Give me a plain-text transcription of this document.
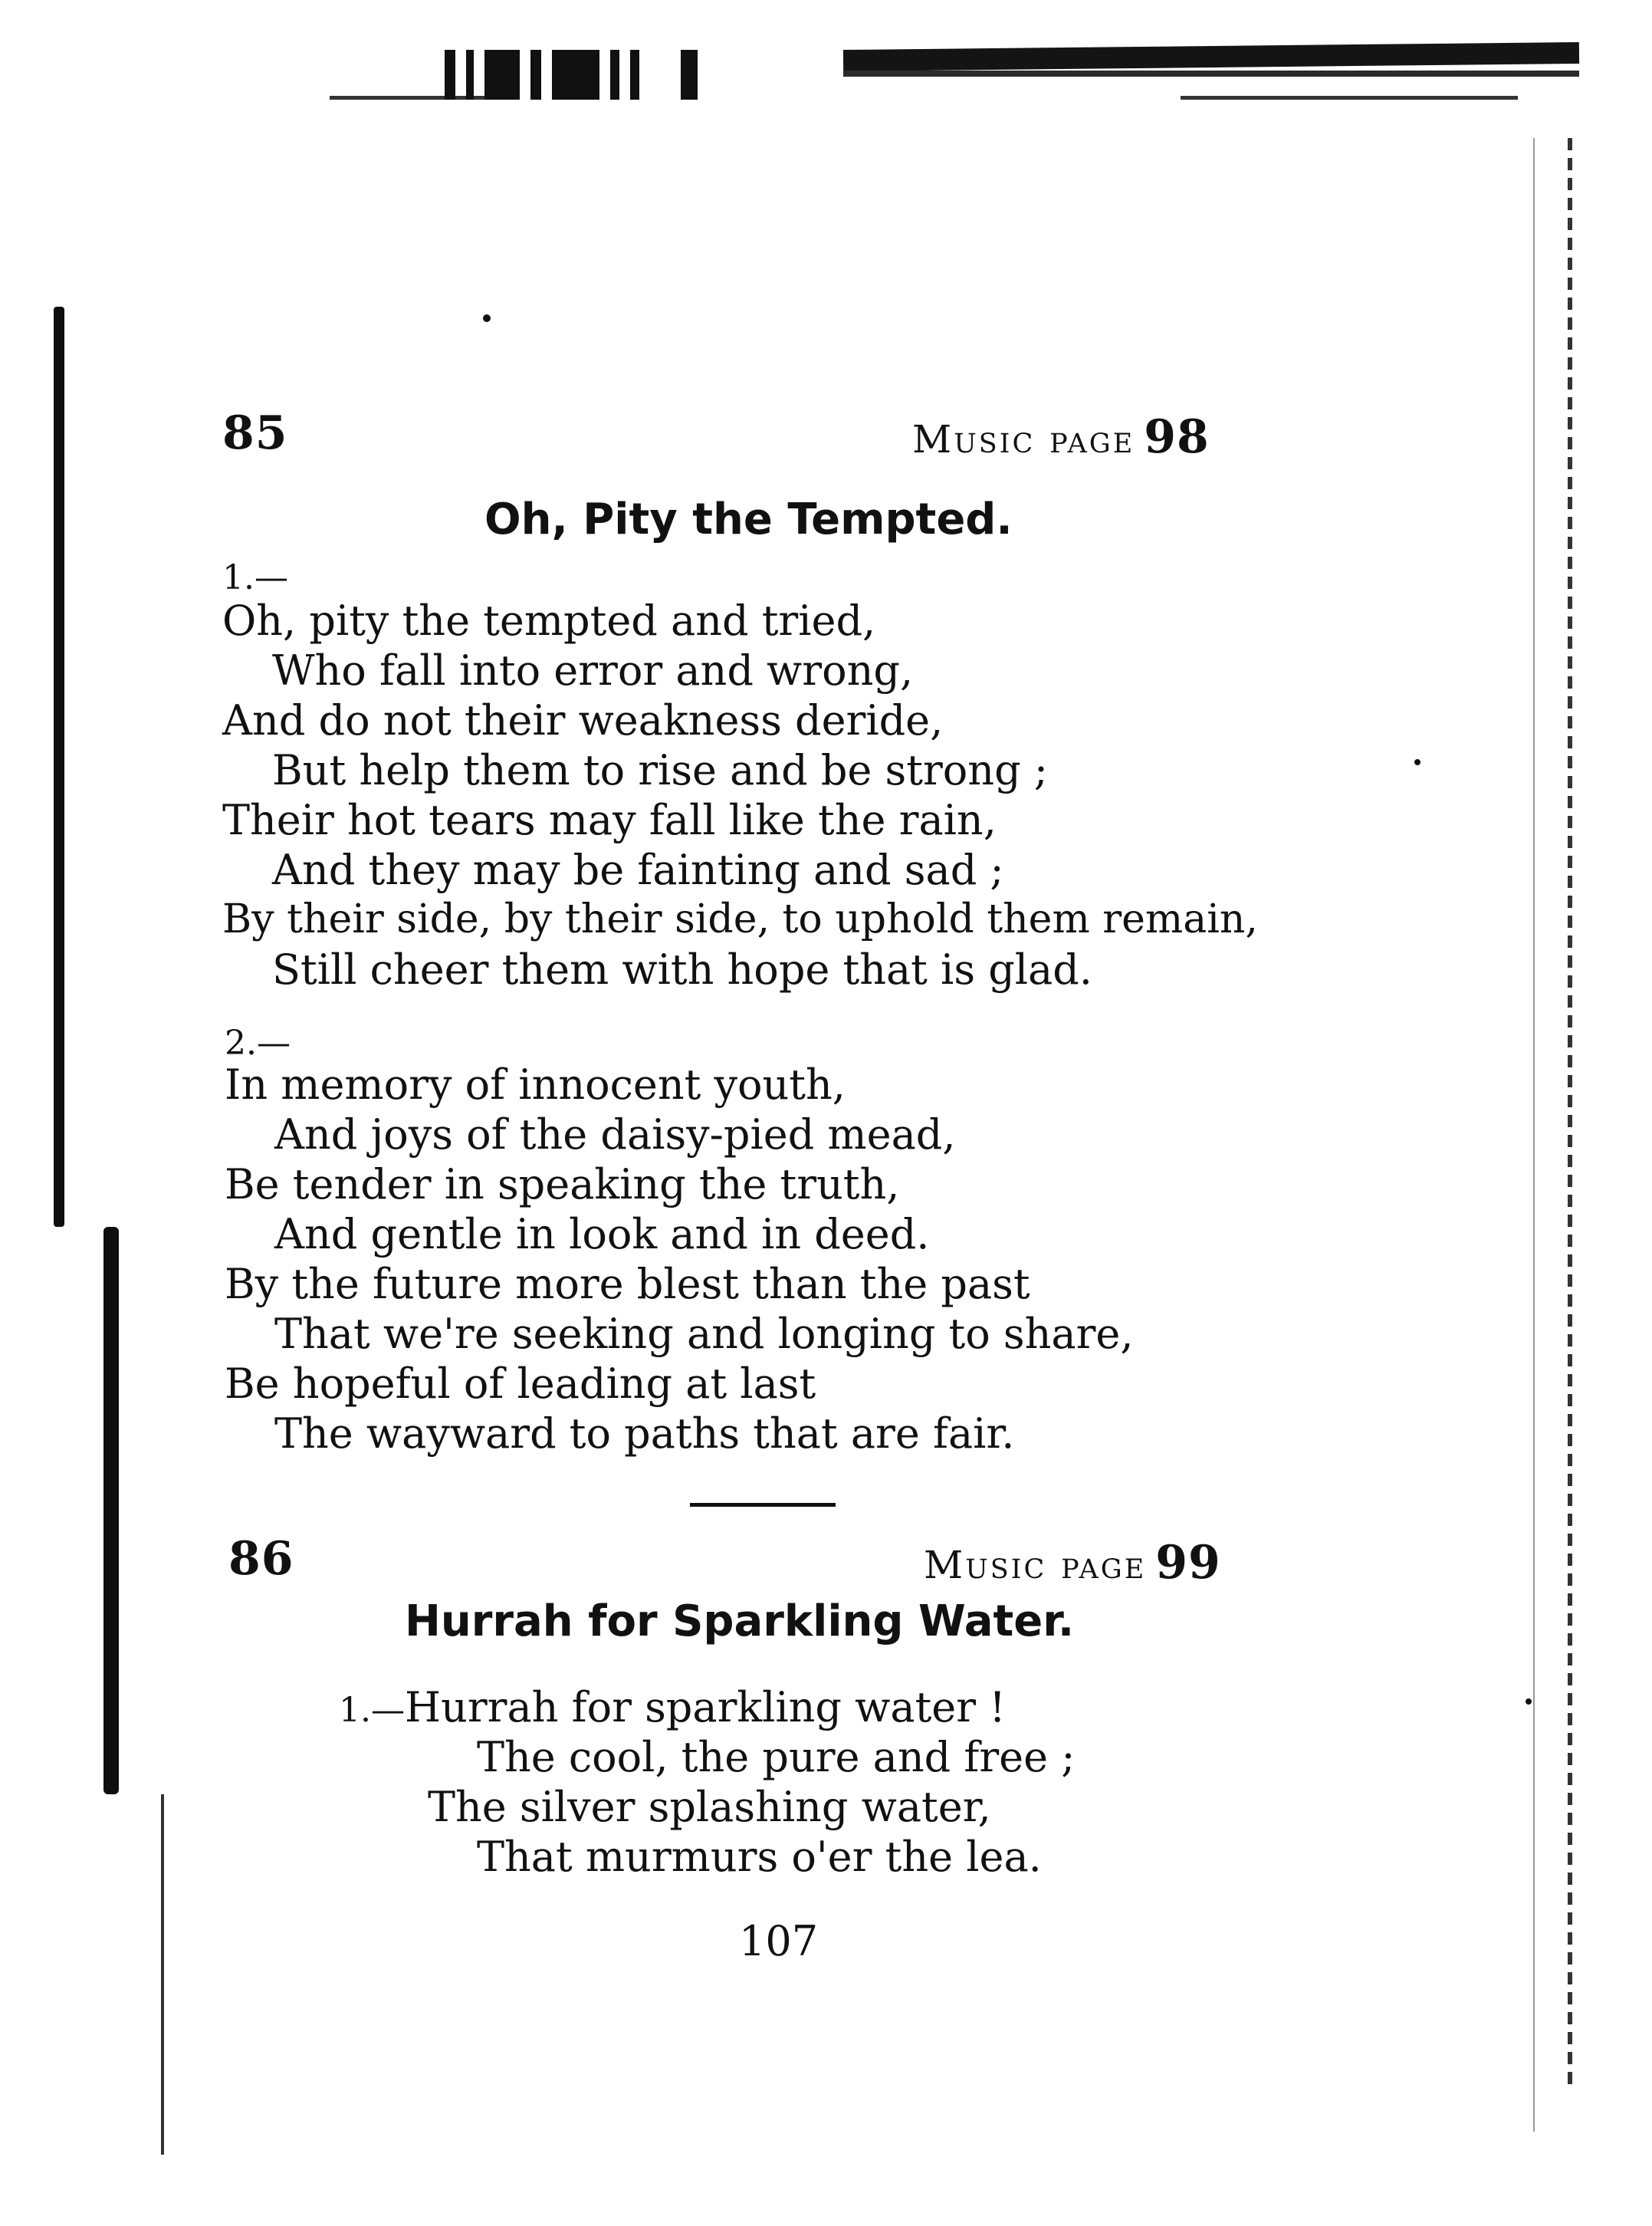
85	Music page 98
Oh, Pity the Tempted.
1.—
Oh, pity the tempted and tried,
Who fall into error and wrong,
And do not their weakness deride,
But help them to rise and be strong ;
Their hot tears may fall like the rain,
And they may be fainting and sad ;
By their side, by their side, to uphold them remain,
Still cheer them with hope that is glad.
2.—
In memory of innocent youth,
And joys of the daisy-pied mead,
Be tender in speaking the truth,
And gentle in look and in deed.
By the future more blest than the past
That we're seeking and longing to share,
Be hopeful of leading at last
The wayward to paths that are fair.
86	Music page 99
Hurrah for Sparkling Water.
1.—Hurrah for sparkling water !
The cool, the pure and free ;
The silver splashing water,
That murmurs o'er the lea.
107
